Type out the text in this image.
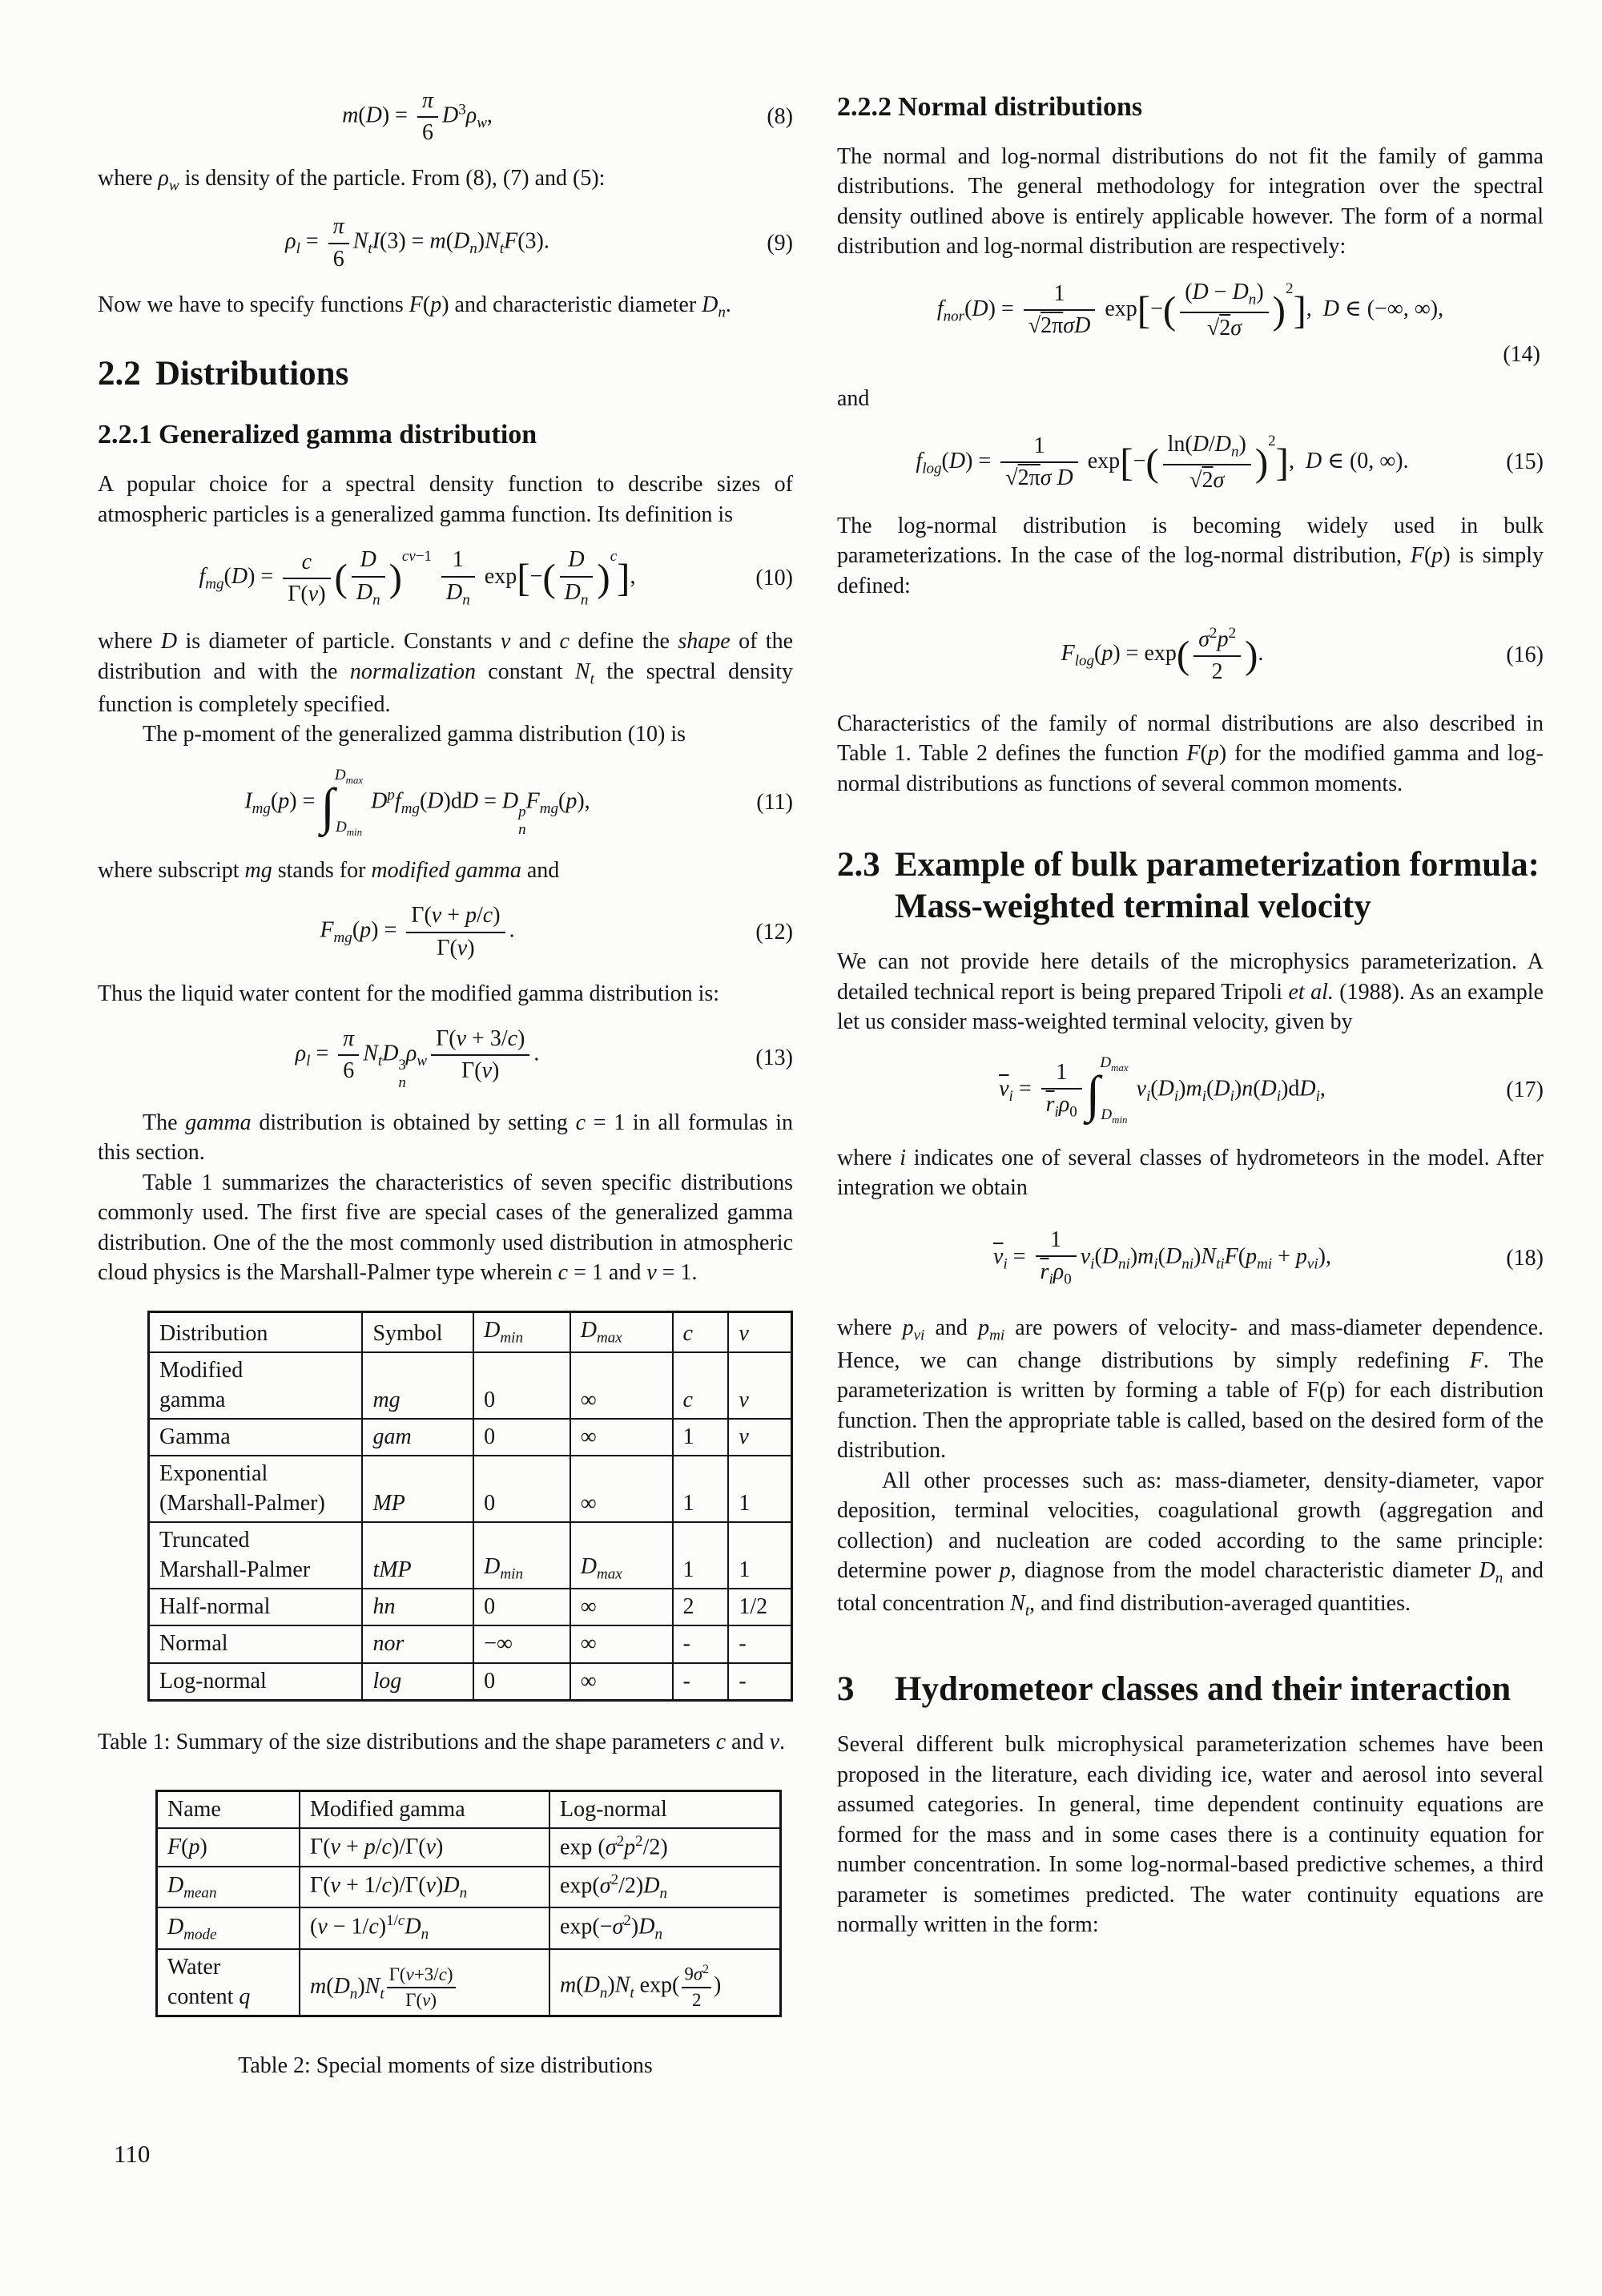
$m(D) = \frac{\pi}{6} D^3\rho_w$,	(8)

where $\rho_w$ is density of the particle. From (8), (7) and (5):

$\rho_l = \frac{\pi}{6} N_tI(3) = m(D_n)N_tF(3)$.	(9)

Now we have to specify functions F(p) and characteristic diameter $D_n$.

2.2 Distributions
2.2.1 Generalized gamma distribution

A popular choice for a spectral density function to describe sizes of atmospheric particles is a generalized gamma function. Its definition is

$f_{mg}(D) = \frac{c}{\Gamma(\nu)}$ ( $\frac{D}{D_n} )^{c\nu-1} \frac{1}{D_n} \exp[-( \frac{D}{D_n} )^c]$,	(10)

where D is diameter of particle. Constants ν and c define the shape of the distribution and with the normalization constant $N_t$ the spectral density function is completely specified.

The p-moment of the generalized gamma distribution (10) is

$I_{mg}(p)$ = ∫
$D_{max}$
$D_{min}$
$D^pf_{mg}(D)dD = D$ p
n
$F_{mg}(p)$,	(11)

where subscript mg stands for modified gamma and

$F_{mg}(p) = \frac{\Gamma(\nu + p/c)}{\Gamma(\nu)}$ .	(12)

Thus the liquid water content for the modified gamma distribution is:

$\rho_l = \frac{\pi}{6} N_tD$ 3
n
$\rho_w \frac{\Gamma(\nu + 3/c)}{\Gamma(\nu)}$ .	(13)

The gamma distribution is obtained by setting c = 1 in all formulas in this section.

Table 1 summarizes the characteristics of seven specific distributions commonly used. The first five are special cases of the generalized gamma distribution. One of the the most commonly used distribution in atmospheric cloud physics is the Marshall-Palmer type wherein c = 1 and ν = 1.

Distribution	Symbol	$D_{min}$	$D_{max}$	c	ν
Modified
gamma	mg	0	∞	c	ν
Gamma	gam	0	∞	1	ν
Exponential
(Marshall-Palmer)	MP	0	∞	1	1
Truncated
Marshall-Palmer	tMP	$D_{min}$	$D_{max}$	1	1
Half-normal	hn	0	∞	2	1/2
Normal	nor	−∞	∞	-	-
Log-normal	log	0	∞	-	-

Table 1: Summary of the size distributions and the shape parameters c and ν.

Name	Modified gamma	Log-normal
F(p)	Γ(ν + p/c)/Γ(ν)	$\exp (\sigma^2p^2/2)$
$D_{mean}$	$\Gamma(\nu + 1/c)/\Gamma(\nu)D_n$	$\exp(\sigma^2/2)D_n$
$D_{mode}$	$(\nu - 1/c)^{1/c}D_n$	$\exp(-\sigma^2)D_n$
Water
content q	$m(D_n)N_t \frac{\Gamma(\nu+3/c)}{\Gamma(\nu)}$	$m(D_n)N_t$ $\exp( \frac{9\sigma^2}{2}$ )

Table 2: Special moments of size distributions

2.2.2 Normal distributions

The normal and log-normal distributions do not fit the family of gamma distributions. The general methodology for integration over the spectral density outlined above is entirely applicable however. The form of a normal distribution and log-normal distribution are respectively:

$f_{nor}(D)$ =
1
√2πσD
$\exp[-( \frac{(D - D_n)}{√2\sigma} )^2]$,  D ∈ (−∞, ∞),
(14)

and

$f_{log}(D) = \frac{1}{\text{√2πσ D}} \exp[-( \frac{\ln(D/D_n)}{√2\sigma} )^2]$,  D ∈ (0, ∞).	(15)

The log-normal distribution is becoming widely used in bulk parameterizations. In the case of the log-normal distribution, F(p) is simply defined:

$F_{log}(p) = \exp( \frac{\sigma^2p^2}{2}$ ).	(16)

Characteristics of the family of normal distributions are also described in Table 1. Table 2 defines the function F(p) for the modified gamma and log- normal distributions as functions of several common moments.

2.3 Example of bulk parameterization formula: Mass-weighted terminal velocity

We can not provide here details of the microphysics parameterization. A detailed technical report is being prepared Tripoli et al. (1988). As an example let us consider mass-weighted terminal velocity, given by

$\overline{v}_i$ =
1
$\overline{r}_i\rho_0$ ∫
$D_{max}$
$D_{min}$
$v_i(D_i)m_i(D_i)n(D_i)dD_i$,	(17)

where i indicates one of several classes of hydrometeors in the model. After integration we obtain

$\overline{v}_i$ =
1
$\overline{r}_i\rho_0$
$v_i(D_{ni})m_i(D_{ni})N_{ti}F(p_{mi} + p_{vi})$,	(18)

where $p_{vi}$ and $p_{mi}$ are powers of velocity- and mass-diameter dependence. Hence, we can change distributions by simply redefining F. The parameterization is written by forming a table of F(p) for each distribution function. Then the appropriate table is called, based on the desired form of the distribution.

All other processes such as: mass-diameter, density-diameter, vapor deposition, terminal velocities, coagulational growth (aggregation and collection) and nucleation are coded according to the same principle: determine power p, diagnose from the model characteristic diameter $D_n$ and total concentration $N_t$, and find distribution-averaged quantities.

3	Hydrometeor classes and their interaction

Several different bulk microphysical parameterization schemes have been proposed in the literature, each dividing ice, water and aerosol into several assumed categories. In general, time dependent continuity equations are formed for the mass and in some cases there is a continuity equation for number concentration. In some log-normal-based predictive schemes, a third parameter is sometimes predicted. The water continuity equations are normally written in the form:

110
